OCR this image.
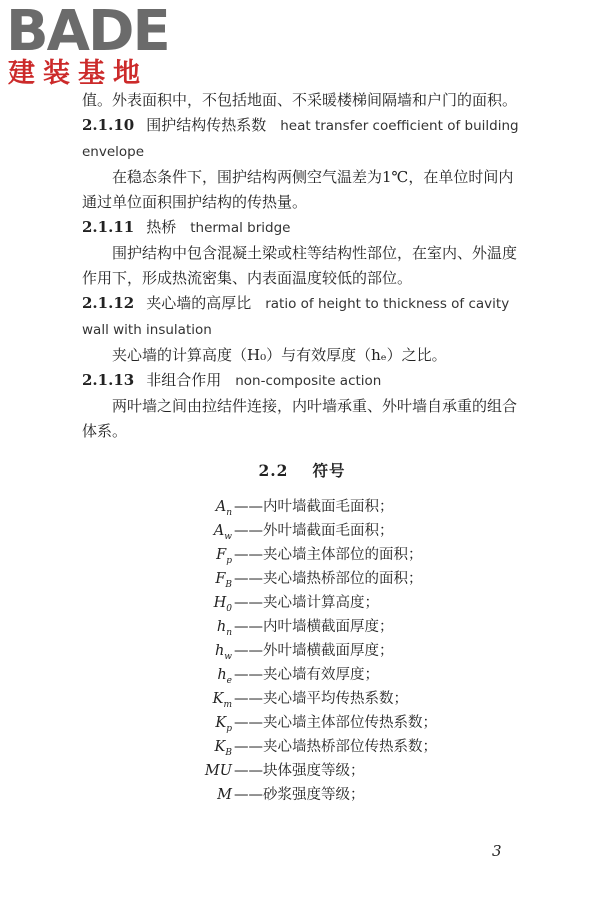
BADE
建装基地

值。外表面积中，不包括地面、不采暖楼梯间隔墙和户门的面积。

2.1.10 围护结构传热系数 heat transfer coefficient of building envelope

在稳态条件下，围护结构两侧空气温差为1℃，在单位时间内通过单位面积围护结构的传热量。

2.1.11 热桥 thermal bridge

围护结构中包含混凝土梁或柱等结构性部位，在室内、外温度作用下，形成热流密集、内表面温度较低的部位。

2.1.12 夹心墙的高厚比 ratio of height to thickness of cavity wall with insulation

夹心墙的计算高度（H₀）与有效厚度（hₑ）之比。

2.1.13 非组合作用 non-composite action

两叶墙之间由拉结件连接，内叶墙承重、外叶墙自承重的组合体系。

2.2 符号
$A_n$ ——内叶墙截面毛面积；
$A_w$ ——外叶墙截面毛面积；
$F_p$ ——夹心墙主体部位的面积；
$F_B$ ——夹心墙热桥部位的面积；
$H_0$ ——夹心墙计算高度；
$h_n$ ——内叶墙横截面厚度；
$h_w$ ——外叶墙横截面厚度；
$h_e$ ——夹心墙有效厚度；
$K_m$ ——夹心墙平均传热系数；
$K_p$ ——夹心墙主体部位传热系数；
$K_B$ ——夹心墙热桥部位传热系数；
MU ——块体强度等级；
M ——砂浆强度等级；
3
